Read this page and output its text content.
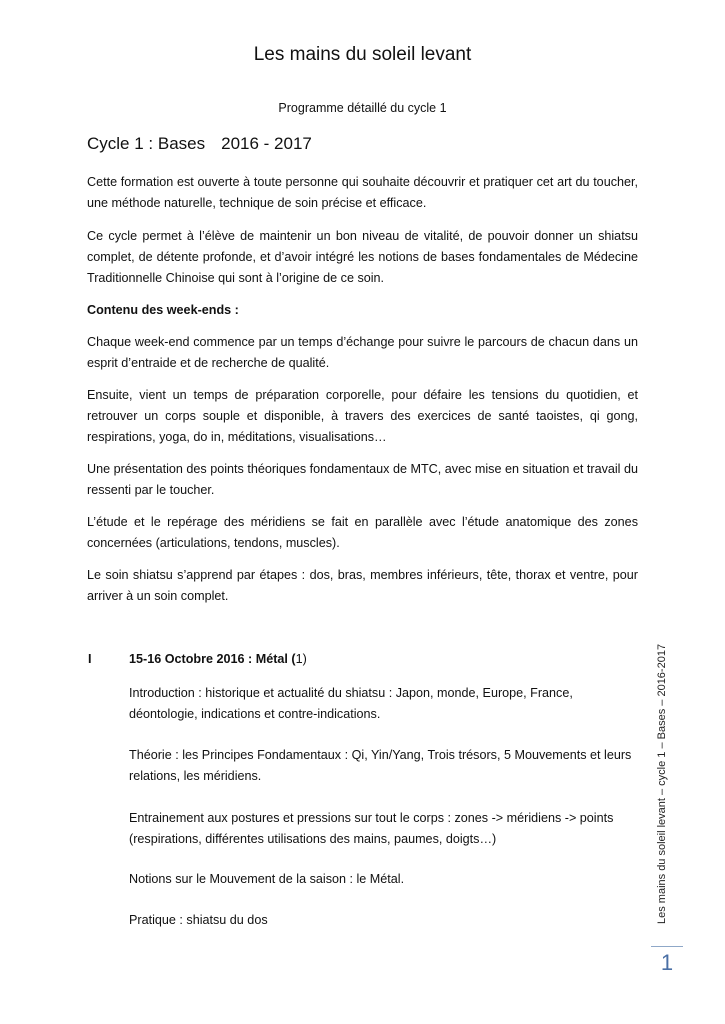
Les mains du soleil levant
Programme détaillé du cycle 1
Cycle 1 : Bases 2016 - 2017
Cette formation est ouverte à toute personne qui souhaite découvrir et pratiquer cet art du toucher, une méthode naturelle, technique de soin précise et efficace.
Ce cycle permet à l’élève de maintenir un bon niveau de vitalité, de pouvoir donner un shiatsu complet, de détente profonde, et d’avoir intégré les notions de bases fondamentales de Médecine Traditionnelle Chinoise qui sont à l’origine de ce soin.
Contenu des week-ends :
Chaque week-end commence par un temps d’échange pour suivre le parcours de chacun dans un esprit d’entraide et de recherche de qualité.
Ensuite, vient un temps de préparation corporelle, pour défaire les tensions du quotidien, et retrouver un corps souple et disponible, à travers des exercices de santé taoistes, qi gong, respirations, yoga, do in, méditations, visualisations…
Une présentation des points théoriques fondamentaux de MTC, avec mise en situation et travail du ressenti par le toucher.
L’étude et le repérage des méridiens se fait en parallèle avec l’étude anatomique des zones concernées (articulations, tendons, muscles).
Le soin shiatsu s’apprend par étapes : dos, bras, membres inférieurs, tête, thorax et ventre, pour arriver à un soin complet.
I	15-16 Octobre 2016 : Métal (1)
Introduction : historique et actualité du shiatsu : Japon, monde, Europe, France, déontologie, indications et contre-indications.
Théorie : les Principes Fondamentaux : Qi, Yin/Yang, Trois trésors, 5 Mouvements et leurs relations, les méridiens.
Entrainement aux postures et pressions sur tout le corps : zones -> méridiens -> points (respirations, différentes utilisations des mains, paumes, doigts…)
Notions sur le Mouvement de la saison : le Métal.
Pratique : shiatsu du dos	Les mains du soleil levant – cycle 1 – Bases – 2016-2017
1
